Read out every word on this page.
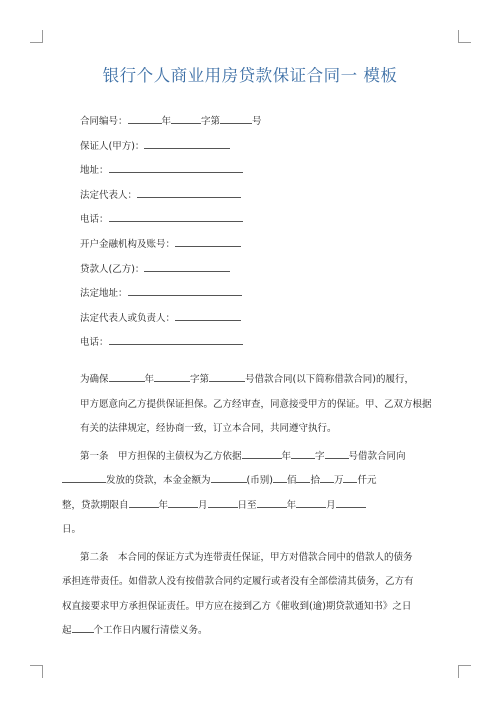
银行个人商业用房贷款保证合同一 模板
合同编号：	年	字第	号
保证人(甲方)：
地址：
法定代表人：
电话：
开户金融机构及账号：
贷款人(乙方)：
法定地址：
法定代表人或负责人：
电话：

为确保	年	字第	号借款合同(以下简称借款合同)的履行，
甲方愿意向乙方提供保证担保。乙方经审查，同意接受甲方的保证。甲、乙双方根据
有关的法律规定，经协商一致，订立本合同，共同遵守执行。

第一条　甲方担保的主债权为乙方依据	年	字	号借款合同向
发放的贷款，本金金额为	(币别) 佰 拾 万 仟元
整，贷款期限自	年	月	日至	年	月
日。

第二条　本合同的保证方式为连带责任保证，甲方对借款合同中的借款人的债务
承担连带责任。如借款人没有按借款合同约定履行或者没有全部偿清其债务，乙方有
权直接要求甲方承担保证责任。甲方应在接到乙方《催收到(逾)期贷款通知书》之日
起 个工作日内履行清偿义务。
